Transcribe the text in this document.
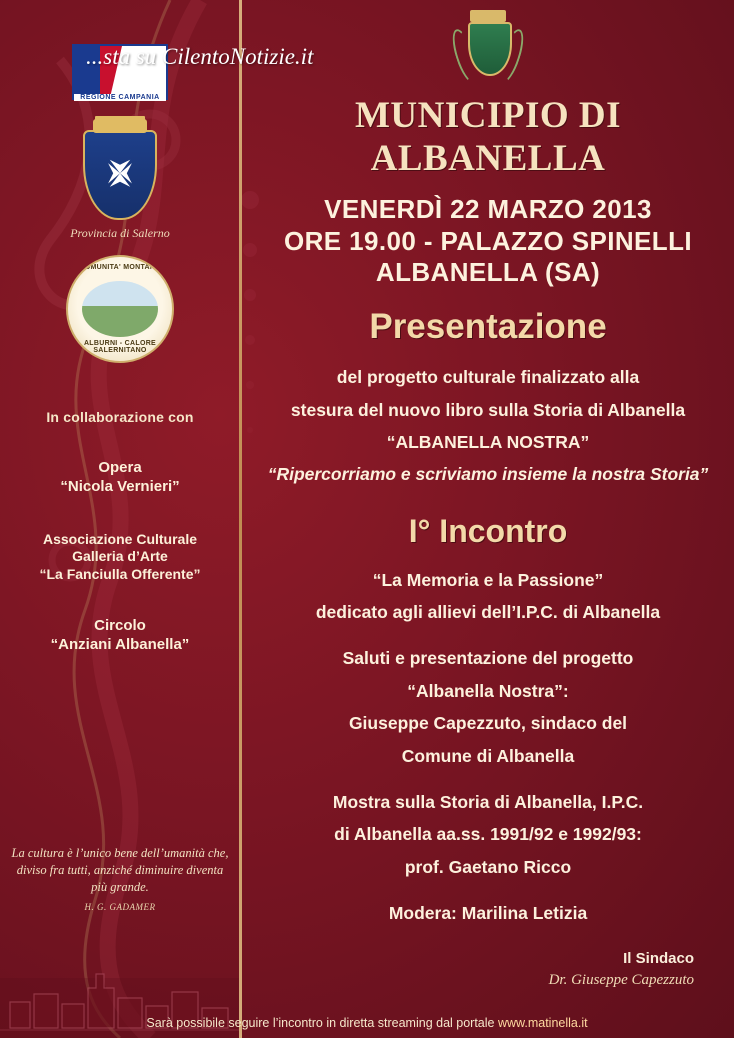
REGIONE CAMPANIA
Provincia di Salerno
COMUNITA' MONTANA
ALBURNI - CALORE SALERNITANO
In collaborazione con
Opera
“Nicola Vernieri”
Associazione Culturale
Galleria d’Arte
“La Fanciulla Offerente”
Circolo
“Anziani Albanella”
La cultura è l’unico bene dell’umanità che, diviso fra tutti, anziché diminuire diventa più grande.
H. G. GADAMER
...sta su CilentoNotizie.it
MUNICIPIO DI ALBANELLA
VENERDÌ 22 MARZO 2013
ORE 19.00 - PALAZZO SPINELLI
ALBANELLA (SA)
Presentazione
del progetto culturale finalizzato alla
stesura del nuovo libro sulla Storia di Albanella
“ALBANELLA NOSTRA”
“Ripercorriamo e scriviamo insieme la nostra Storia”
I° Incontro
“La Memoria e la Passione”
dedicato agli allievi dell’I.P.C. di Albanella
Saluti e presentazione del progetto
“Albanella Nostra”:
Giuseppe Capezzuto, sindaco del
Comune di Albanella
Mostra sulla Storia di Albanella, I.P.C.
di Albanella aa.ss. 1991/92 e 1992/93:
prof. Gaetano Ricco
Modera: Marilina Letizia
Il Sindaco
Dr. Giuseppe Capezzuto
Sarà possibile seguire l’incontro in diretta streaming dal portale www.matinella.it
